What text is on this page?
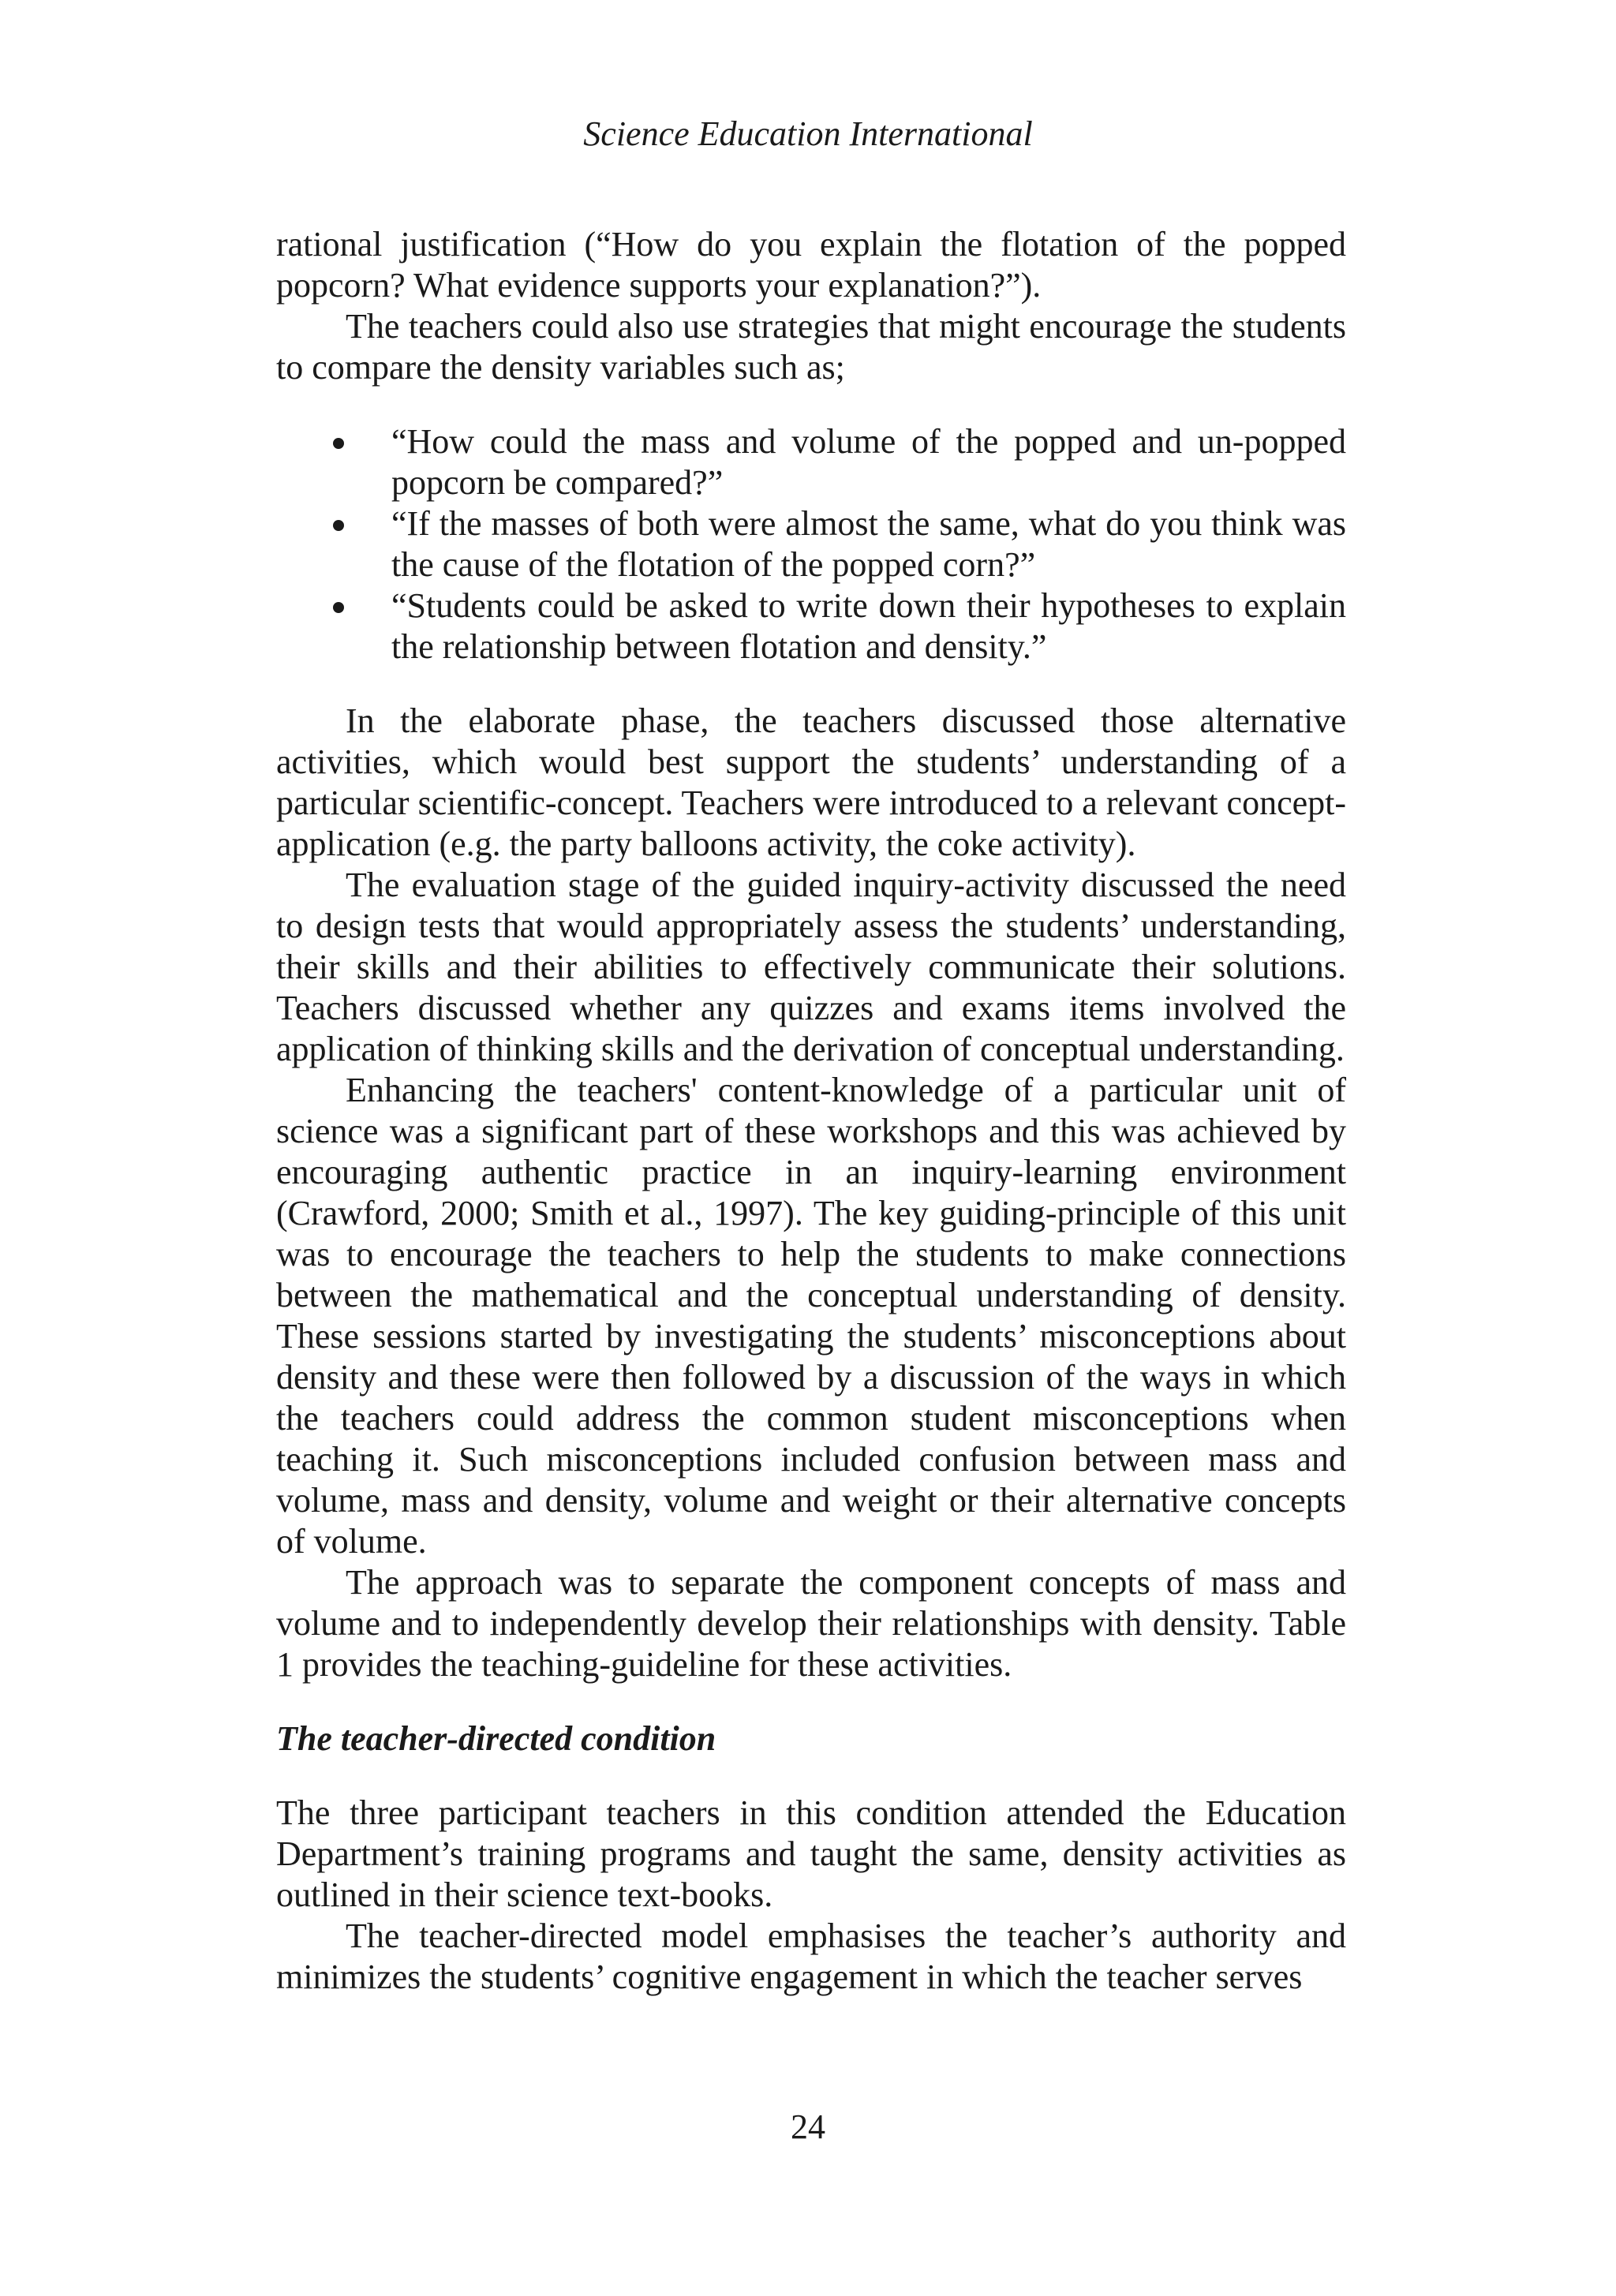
Science Education International

rational justification (“How do you explain the flotation of the popped popcorn? What evidence supports your explanation?”).

The teachers could also use strategies that might encourage the students to compare the density variables such as;

“How could the mass and volume of the popped and un-popped popcorn be compared?”
“If the masses of both were almost the same, what do you think was the cause of the flotation of the popped corn?”
“Students could be asked to write down their hypotheses to explain the relationship between flotation and density.”

In the elaborate phase, the teachers discussed those alternative activities, which would best support the students’ understanding of a particular scientific-concept. Teachers were introduced to a relevant concept-application (e.g. the party balloons activity, the coke activity).

The evaluation stage of the guided inquiry-activity discussed the need to design tests that would appropriately assess the students’ understanding, their skills and their abilities to effectively communicate their solutions. Teachers discussed whether any quizzes and exams items involved the application of thinking skills and the derivation of conceptual understanding.

Enhancing the teachers' content-knowledge of a particular unit of science was a significant part of these workshops and this was achieved by encouraging authentic practice in an inquiry-learning environment (Crawford, 2000; Smith et al., 1997). The key guiding-principle of this unit was to encourage the teachers to help the students to make connections between the mathematical and the conceptual understanding of density. These sessions started by investigating the students’ misconceptions about density and these were then followed by a discussion of the ways in which the teachers could address the common student misconceptions when teaching it. Such misconceptions included confusion between mass and volume, mass and density, volume and weight or their alternative concepts of volume.

The approach was to separate the component concepts of mass and volume and to independently develop their relationships with density. Table 1 provides the teaching-guideline for these activities.

The teacher-directed condition

The three participant teachers in this condition attended the Education Department’s training programs and taught the same, density activities as outlined in their science text-books.

The teacher-directed model emphasises the teacher’s authority and minimizes the students’ cognitive engagement in which the teacher serves

24
